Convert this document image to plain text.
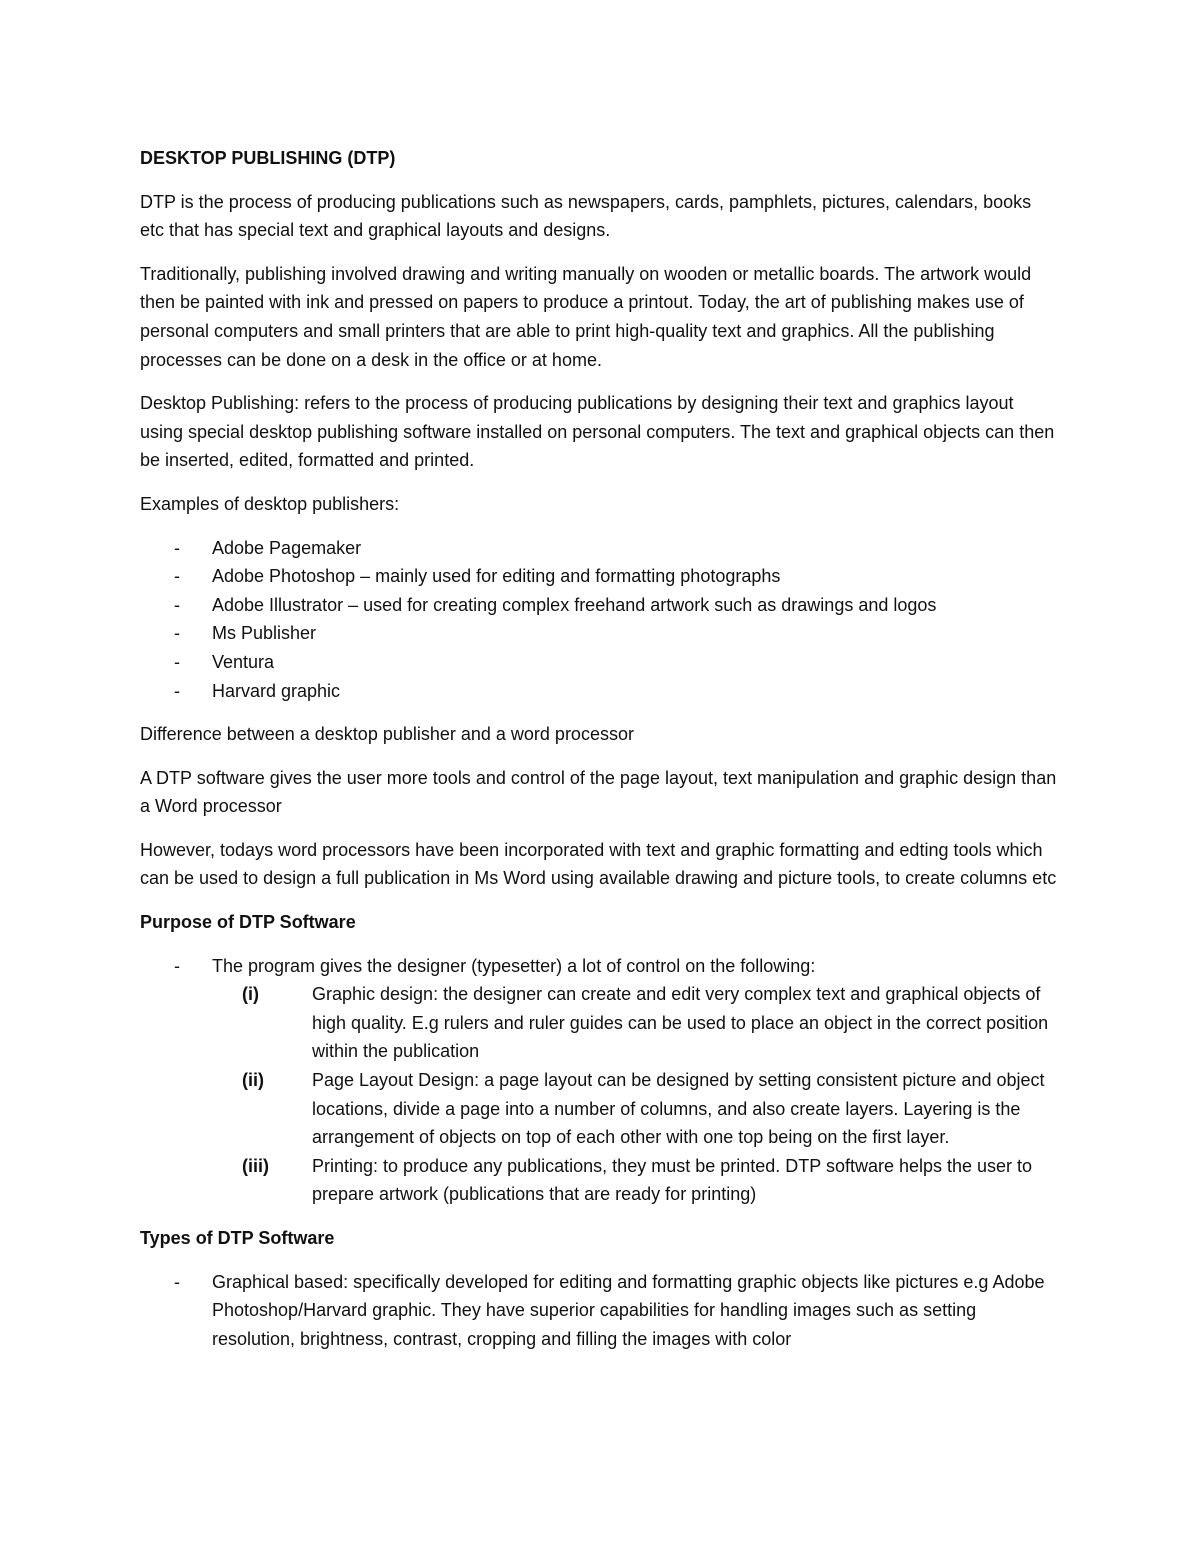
DESKTOP PUBLISHING (DTP)

DTP is the process of producing publications such as newspapers, cards, pamphlets, pictures, calendars, books etc that has special text and graphical layouts and designs.

Traditionally, publishing involved drawing and writing manually on wooden or metallic boards. The artwork would then be painted with ink and pressed on papers to produce a printout. Today, the art of publishing makes use of personal computers and small printers that are able to print high-quality text and graphics. All the publishing processes can be done on a desk in the office or at home.

Desktop Publishing: refers to the process of producing publications by designing their text and graphics layout using special desktop publishing software installed on personal computers. The text and graphical objects can then be inserted, edited, formatted and printed.

Examples of desktop publishers:

- Adobe Pagemaker
- Adobe Photoshop – mainly used for editing and formatting photographs
- Adobe Illustrator – used for creating complex freehand artwork such as drawings and logos
- Ms Publisher
- Ventura
- Harvard graphic

Difference between a desktop publisher and a word processor

A DTP software gives the user more tools and control of the page layout, text manipulation and graphic design than a Word processor

However, todays word processors have been incorporated with text and graphic formatting and edting tools which can be used to design a full publication in Ms Word using available drawing and picture tools, to create columns etc

Purpose of DTP Software

- The program gives the designer (typesetter) a lot of control on the following:
(i)	Graphic design: the designer can create and edit very complex text and graphical objects of high quality. E.g rulers and ruler guides can be used to place an object in the correct position within the publication
(ii)	Page Layout Design: a page layout can be designed by setting consistent picture and object locations, divide a page into a number of columns, and also create layers. Layering is the arrangement of objects on top of each other with one top being on the first layer.
(iii) Printing: to produce any publications, they must be printed. DTP software helps the user to prepare artwork (publications that are ready for printing)

Types of DTP Software

- Graphical based: specifically developed for editing and formatting graphic objects like pictures e.g Adobe Photoshop/Harvard graphic. They have superior capabilities for handling images such as setting resolution, brightness, contrast, cropping and filling the images with color
